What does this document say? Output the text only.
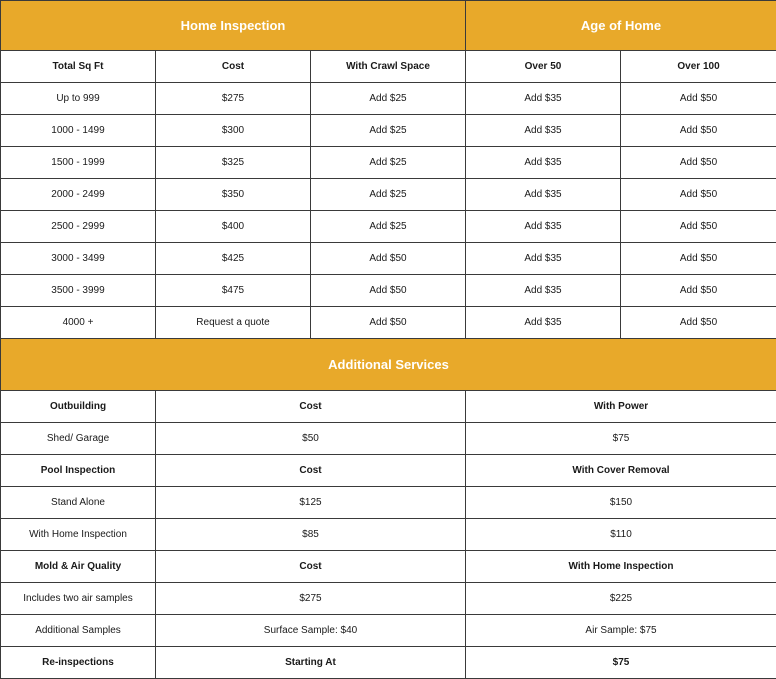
Home Inspection			Age of Home	
Total Sq Ft	Cost	With Crawl Space	Over 50	Over 100
Up to 999	$275	Add $25	Add $35	Add $50
1000 - 1499	$300	Add $25	Add $35	Add $50
1500 - 1999	$325	Add $25	Add $35	Add $50
2000 - 2499	$350	Add $25	Add $35	Add $50
2500 - 2999	$400	Add $25	Add $35	Add $50
3000 - 3499	$425	Add $50	Add $35	Add $50
3500 - 3999	$475	Add $50	Add $35	Add $50
4000 +	Request a quote	Add $50	Add $35	Add $50
Additional Services				
Outbuilding	Cost		With Power	
Shed/ Garage	$50		$75	
Pool Inspection	Cost		With Cover Removal	
Stand Alone	$125		$150	
With Home Inspection	$85		$110	
Mold & Air Quality	Cost		With Home Inspection	
Includes two air samples	$275		$225	
Additional Samples	Surface Sample: $40		Air Sample: $75	
Re-inspections	Starting At		$75	
